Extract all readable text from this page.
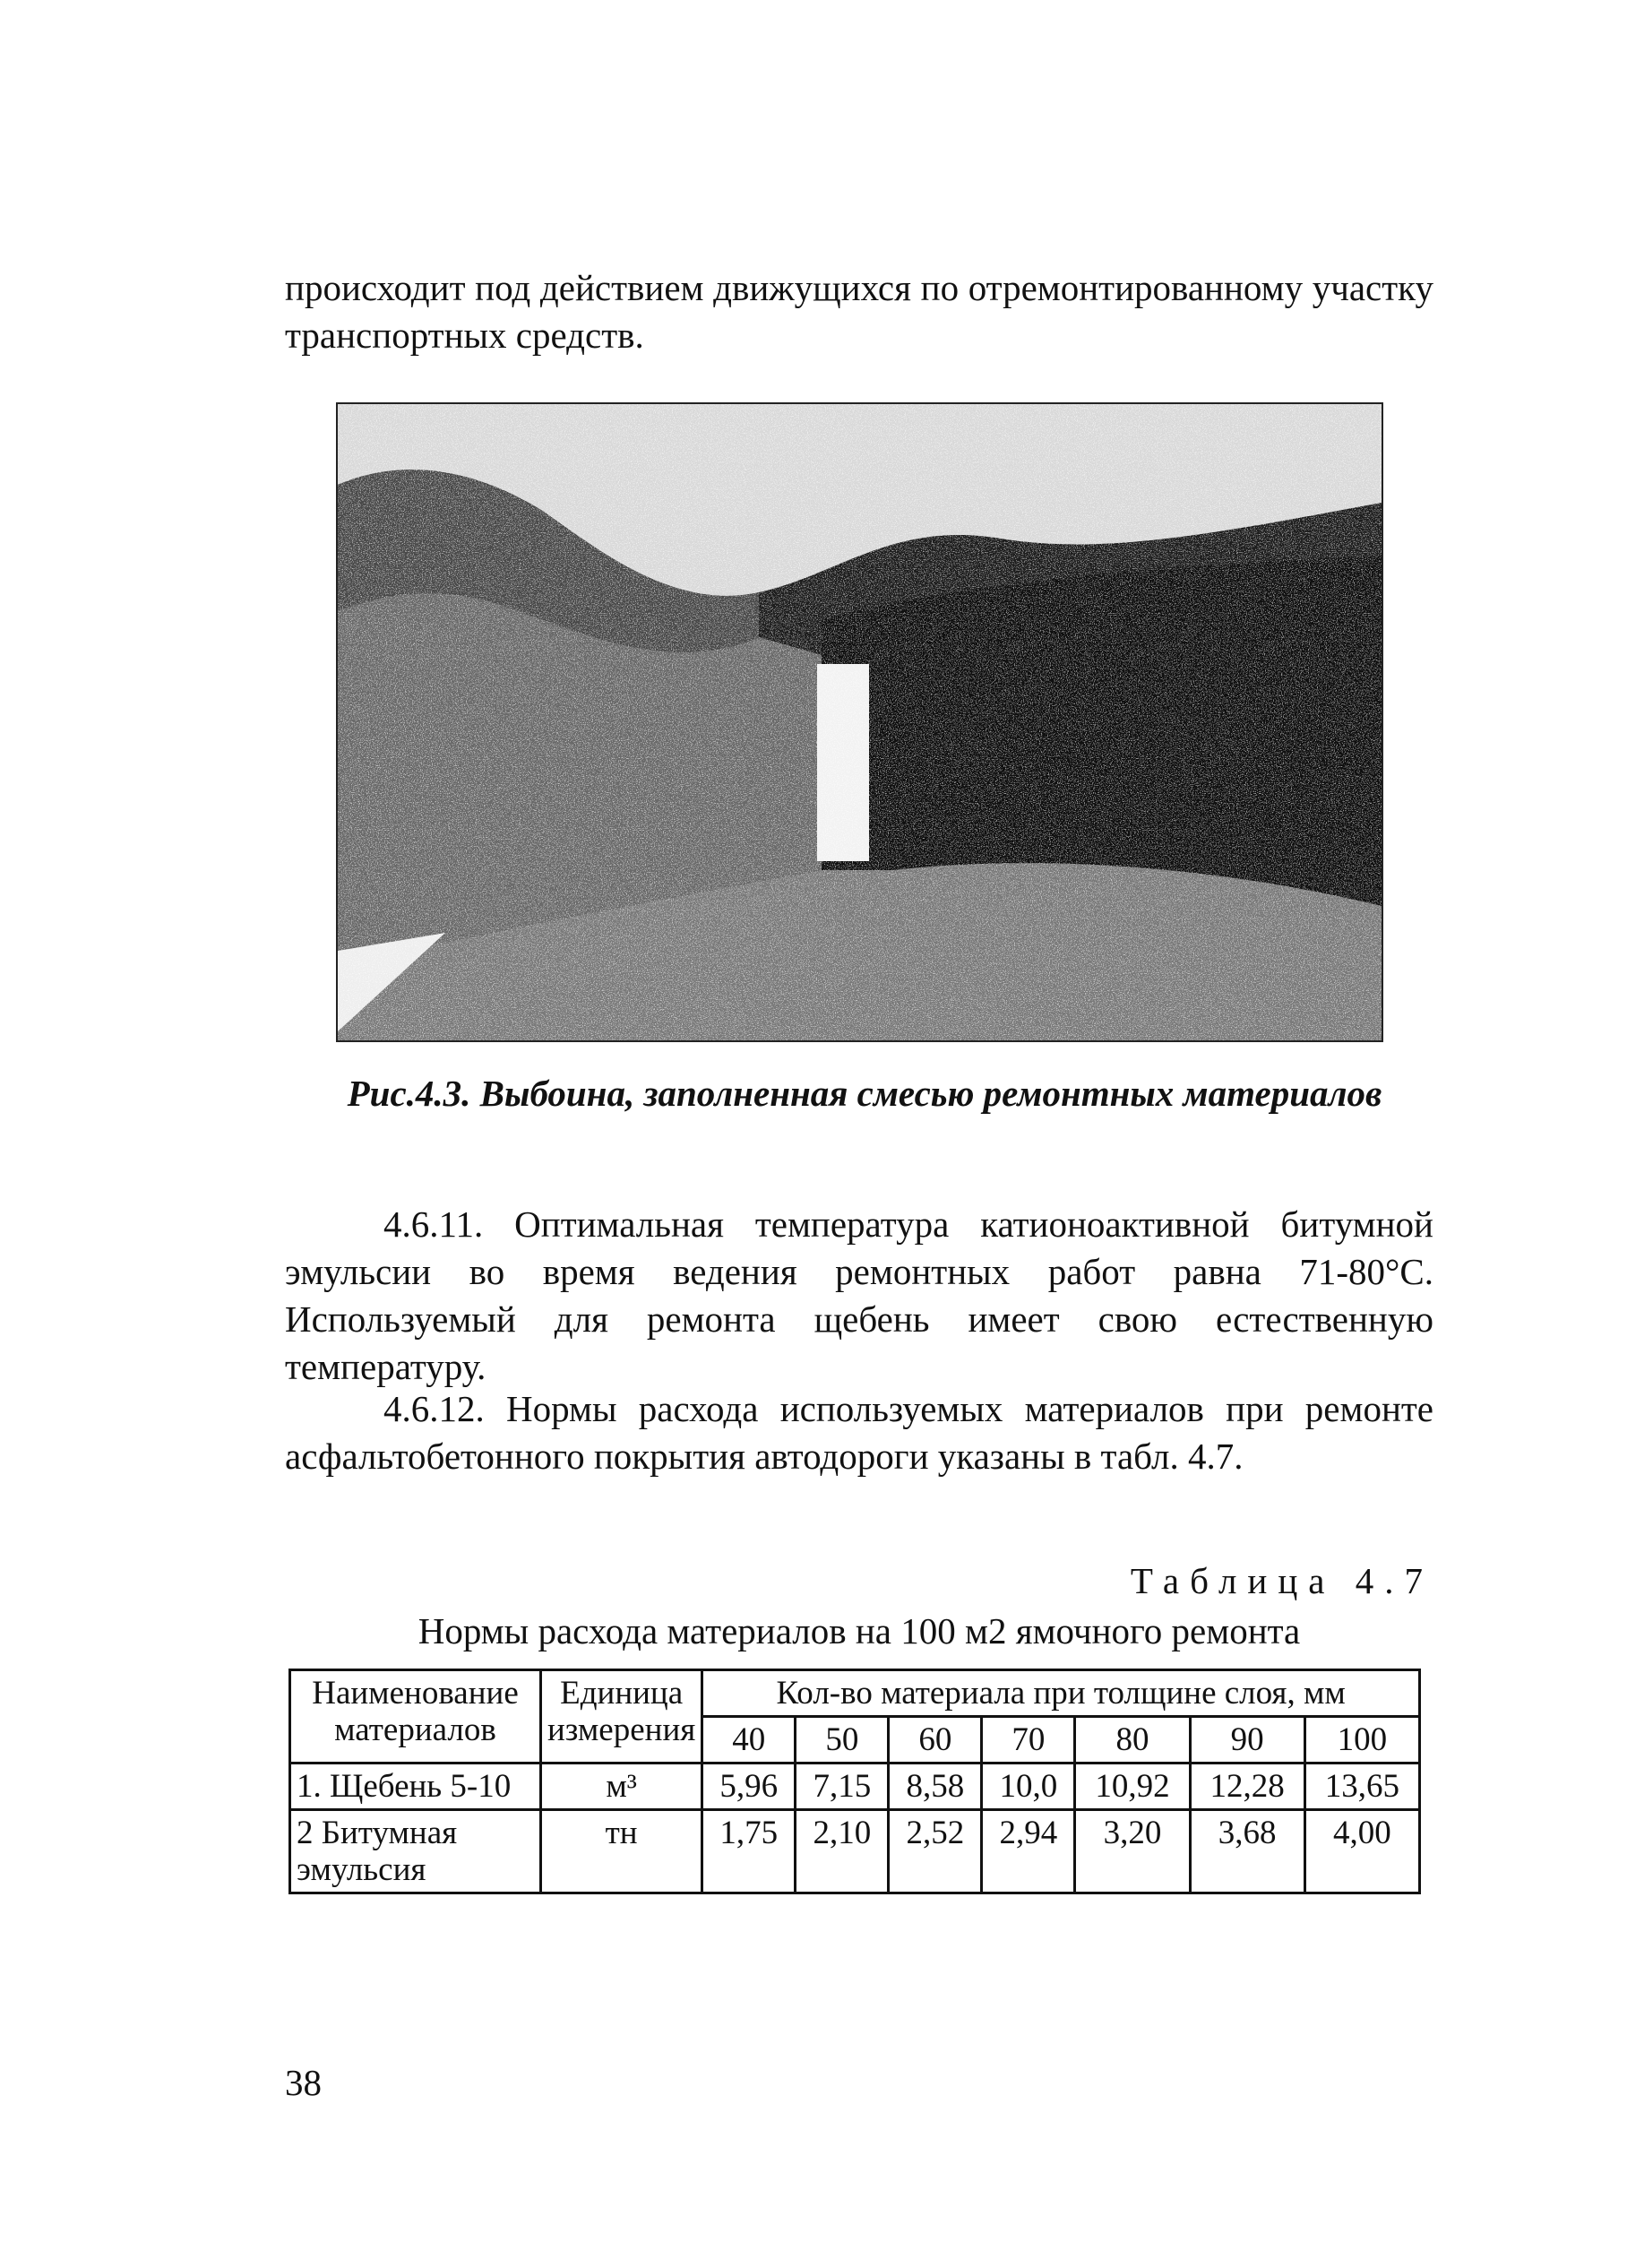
происходит под действием движущихся по отремонтированному участку транспортных средств.
Рис.4.3. Выбоина, заполненная смесью ремонтных материалов
4.6.11. Оптимальная температура катионоактивной битумной эмульсии во время ведения ремонтных работ равна 71-80°С. Используемый для ремонта щебень имеет свою естественную температуру.
4.6.12. Нормы расхода используемых материалов при ремонте асфальтобетонного покрытия автодороги указаны в табл. 4.7.
Таблица 4.7
Нормы расхода материалов на 100 м2 ямочного ремонта
Наименование материалов	Единица измерения	Кол-во материала при толщине слоя, мм						
		40	50	60	70	80	90	100
1. Щебень 5-10	м³	5,96	7,15	8,58	10,0	10,92	12,28	13,65
2 Битумная эмульсия	тн	1,75	2,10	2,52	2,94	3,20	3,68	4,00
38
